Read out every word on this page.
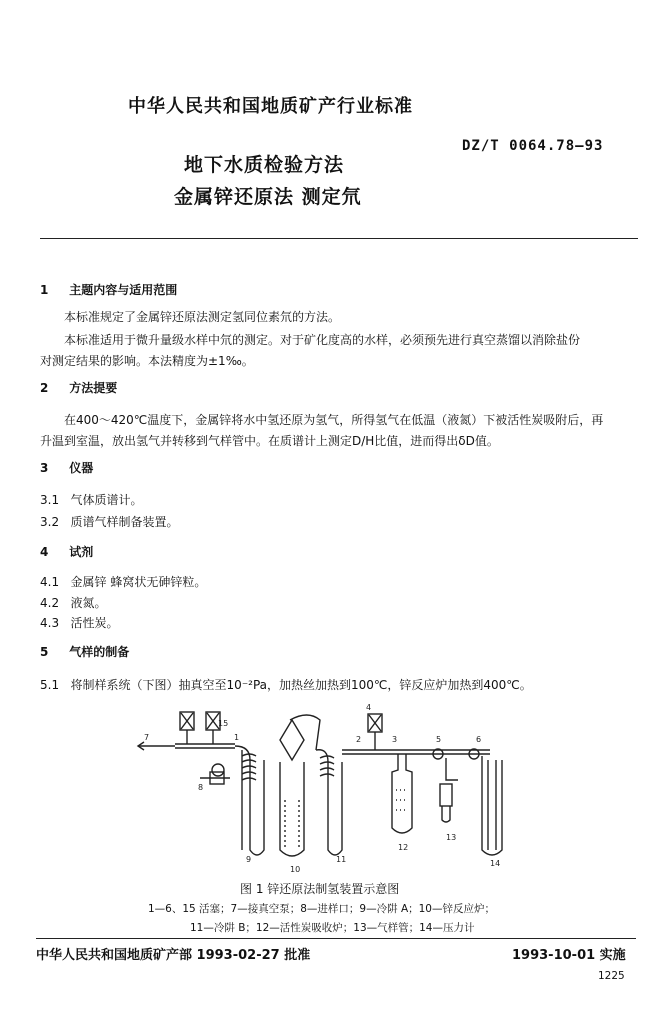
中华人民共和国地质矿产行业标准
DZ/T 0064.78—93
地下水质检验方法
金属锌还原法 测定氘
1 主题内容与适用范围
本标准规定了金属锌还原法测定氢同位素氘的方法。
本标准适用于微升量级水样中氘的测定。对于矿化度高的水样，必须预先进行真空蒸馏以消除盐份
对测定结果的影响。本法精度为±1‰。
2 方法提要
在400～420℃温度下，金属锌将水中氢还原为氢气，所得氢气在低温（液氮）下被活性炭吸附后，再
升温到室温，放出氢气并转移到气样管中。在质谱计上测定D/H比值，进而得出δD值。
3 仪器
3.1 气体质谱计。
3.2 质谱气样制备装置。
4 试剂
4.1 金属锌 蜂窝状无砷锌粒。
4.2 液氮。
4.3 活性炭。
5 气样的制备
5.1 将制样系统（下图）抽真空至10⁻²Pa，加热丝加热到100℃，锌反应炉加热到400℃。
1	2	3
4
5	6
7
8
9
10
11
12
13
14
15
图 1 锌还原法制氢装置示意图
1—6、15 活塞；7—接真空泵；8—进样口；9—冷阱 A；10—锌反应炉；
11—冷阱 B；12—活性炭吸收炉；13—气样管；14—压力计
中华人民共和国地质矿产部 1993-02-27 批准	1993-10-01 实施
1225
